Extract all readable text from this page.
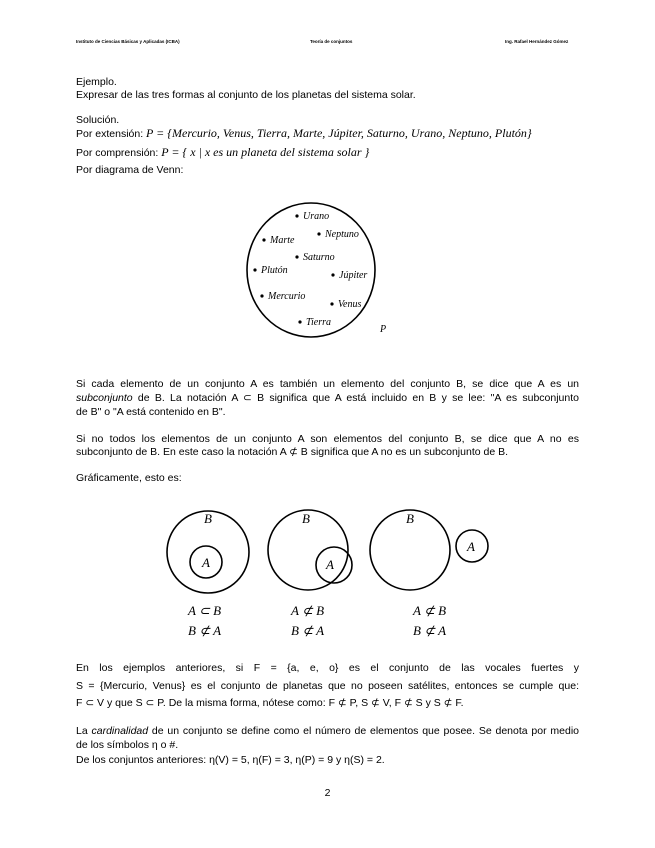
Instituto de Ciencias Básicas y Aplicadas (ICBA)	Teoría de conjuntos	Ing. Rafael Hernández Gómez
Ejemplo.
Expresar de las tres formas al conjunto de los planetas del sistema solar.
Solución.
Por extensión: P = {Mercurio, Venus, Tierra, Marte, Júpiter, Saturno, Urano, Neptuno, Plutón}
Por comprensión: P = { x | x es un planeta del sistema solar }
Por diagrama de Venn:
Urano
Marte
Neptuno
Saturno
Plutón	Júpiter
Mercurio
Venus
Tierra
P
Si cada elemento de un conjunto A es también un elemento del conjunto B, se dice que A es un
subconjunto de B. La notación A ⊂ B significa que A está incluido en B y se lee: "A es subconjunto
de B" o "A está contenido en B".
Si no todos los elementos de un conjunto A son elementos del conjunto B, se dice que A no es
subconjunto de B. En este caso la notación A ⊄ B significa que A no es un subconjunto de B.
Gráficamente, esto es:
B
A
A ⊂ B
B ⊄ A
B
A
A ⊄ B
B ⊄ A
B
A
A ⊄ B
B ⊄ A
En los ejemplos anteriores, si F = {a, e, o} es el conjunto de las vocales fuertes y
S = {Mercurio, Venus} es el conjunto de planetas que no poseen satélites, entonces se cumple que:
F ⊂ V y que S ⊂ P. De la misma forma, nótese como: F ⊄ P, S ⊄ V, F ⊄ S y S ⊄ F.
La cardinalidad de un conjunto se define como el número de elementos que posee. Se denota por medio
de los símbolos η o #.
De los conjuntos anteriores: η(V) = 5, η(F) = 3, η(P) = 9 y η(S) = 2.
2
